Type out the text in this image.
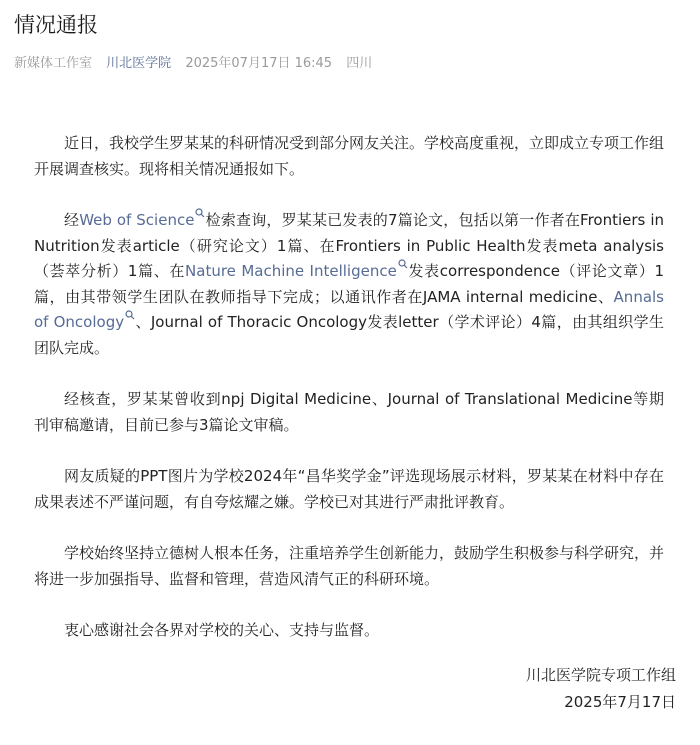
情况通报
新媒体工作室 川北医学院 2025年07月17日 16:45 四川

近日，我校学生罗某某的科研情况受到部分网友关注。学校高度重视，立即成立专项工作组开展调查核实。现将相关情况通报如下。

经Web of Science 检索查询，罗某某已发表的7篇论文，包括以第一作者在Frontiers in Nutrition发表article（研究论文）1篇、在Frontiers in Public Health发表meta analysis（荟萃分析）1篇、在Nature Machine Intelligence 发表correspondence（评论文章）1篇，由其带领学生团队在教师指导下完成；以通讯作者在JAMA internal medicine、Annals of Oncology 、Journal of Thoracic Oncology发表letter（学术评论）4篇，由其组织学生团队完成。

经核查，罗某某曾收到npj Digital Medicine、Journal of Translational Medicine等期刊审稿邀请，目前已参与3篇论文审稿。

网友质疑的PPT图片为学校2024年“昌华奖学金”评选现场展示材料，罗某某在材料中存在成果表述不严谨问题，有自夸炫耀之嫌。学校已对其进行严肃批评教育。

学校始终坚持立德树人根本任务，注重培养学生创新能力，鼓励学生积极参与科学研究，并将进一步加强指导、监督和管理，营造风清气正的科研环境。

衷心感谢社会各界对学校的关心、支持与监督。

川北医学院专项工作组
2025年7月17日
